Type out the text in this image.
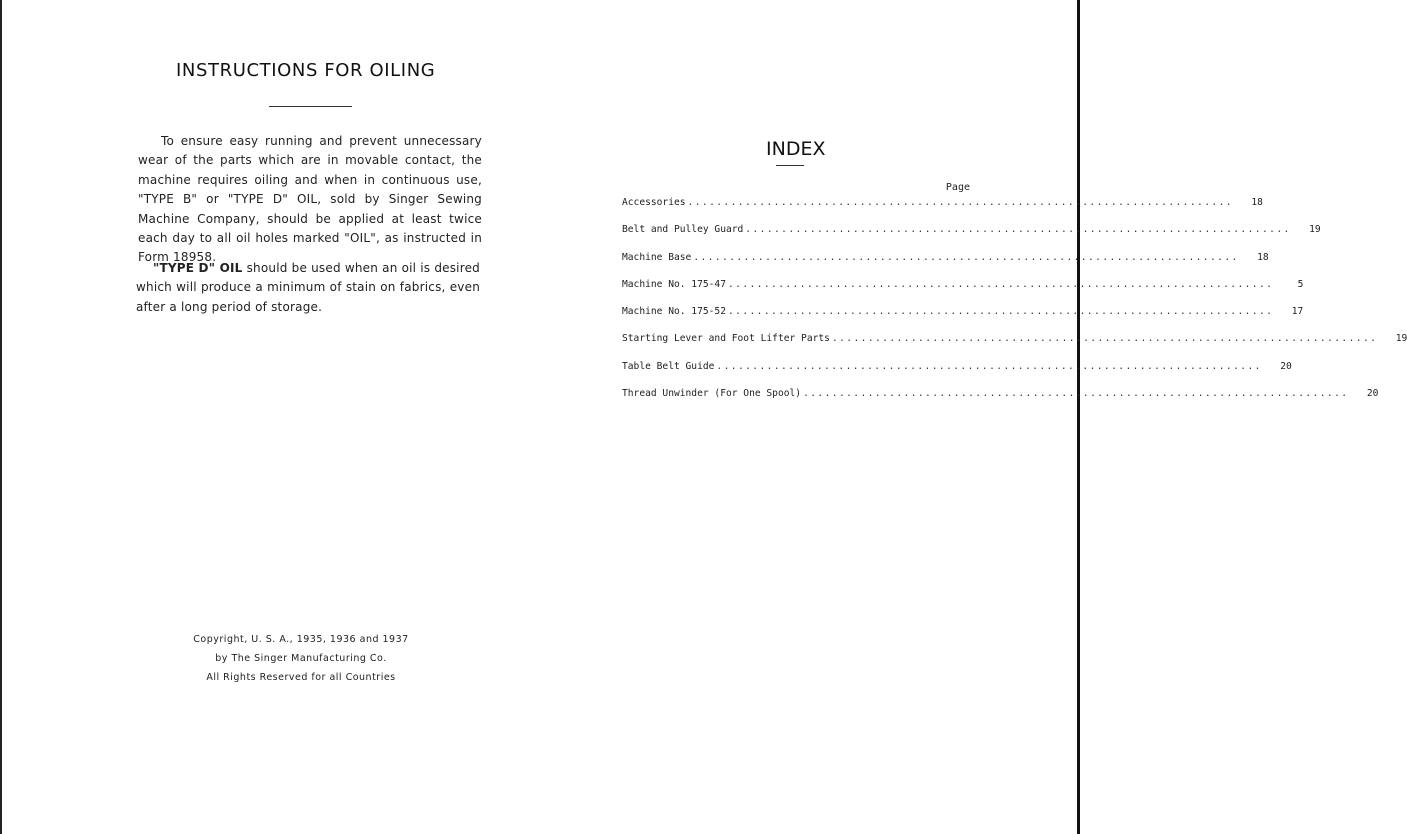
INSTRUCTIONS FOR OILING

To ensure easy running and prevent unnecessary wear of the parts which are in movable contact, the machine requires oiling and when in continuous use, "TYPE B" or "TYPE D" OIL, sold by Singer Sewing Machine Company, should be applied at least twice each day to all oil holes marked "OIL", as instructed in Form 18958.

"TYPE D" OIL should be used when an oil is desired which will produce a minimum of stain on fabrics, even after a long period of storage.

Copyright, U. S. A., 1935, 1936 and 1937
by The Singer Manufacturing Co.
All Rights Reserved for all Countries
INDEX
Page
Accessories ............................................................................	18
Belt and Pulley Guard ............................................................................	19
Machine Base ............................................................................	18
Machine No. 175-47 ............................................................................	5
Machine No. 175-52 ............................................................................	17
Starting Lever and Foot Lifter Parts ............................................................................	19
Table Belt Guide ............................................................................	20
Thread Unwinder (For One Spool) ............................................................................	20
